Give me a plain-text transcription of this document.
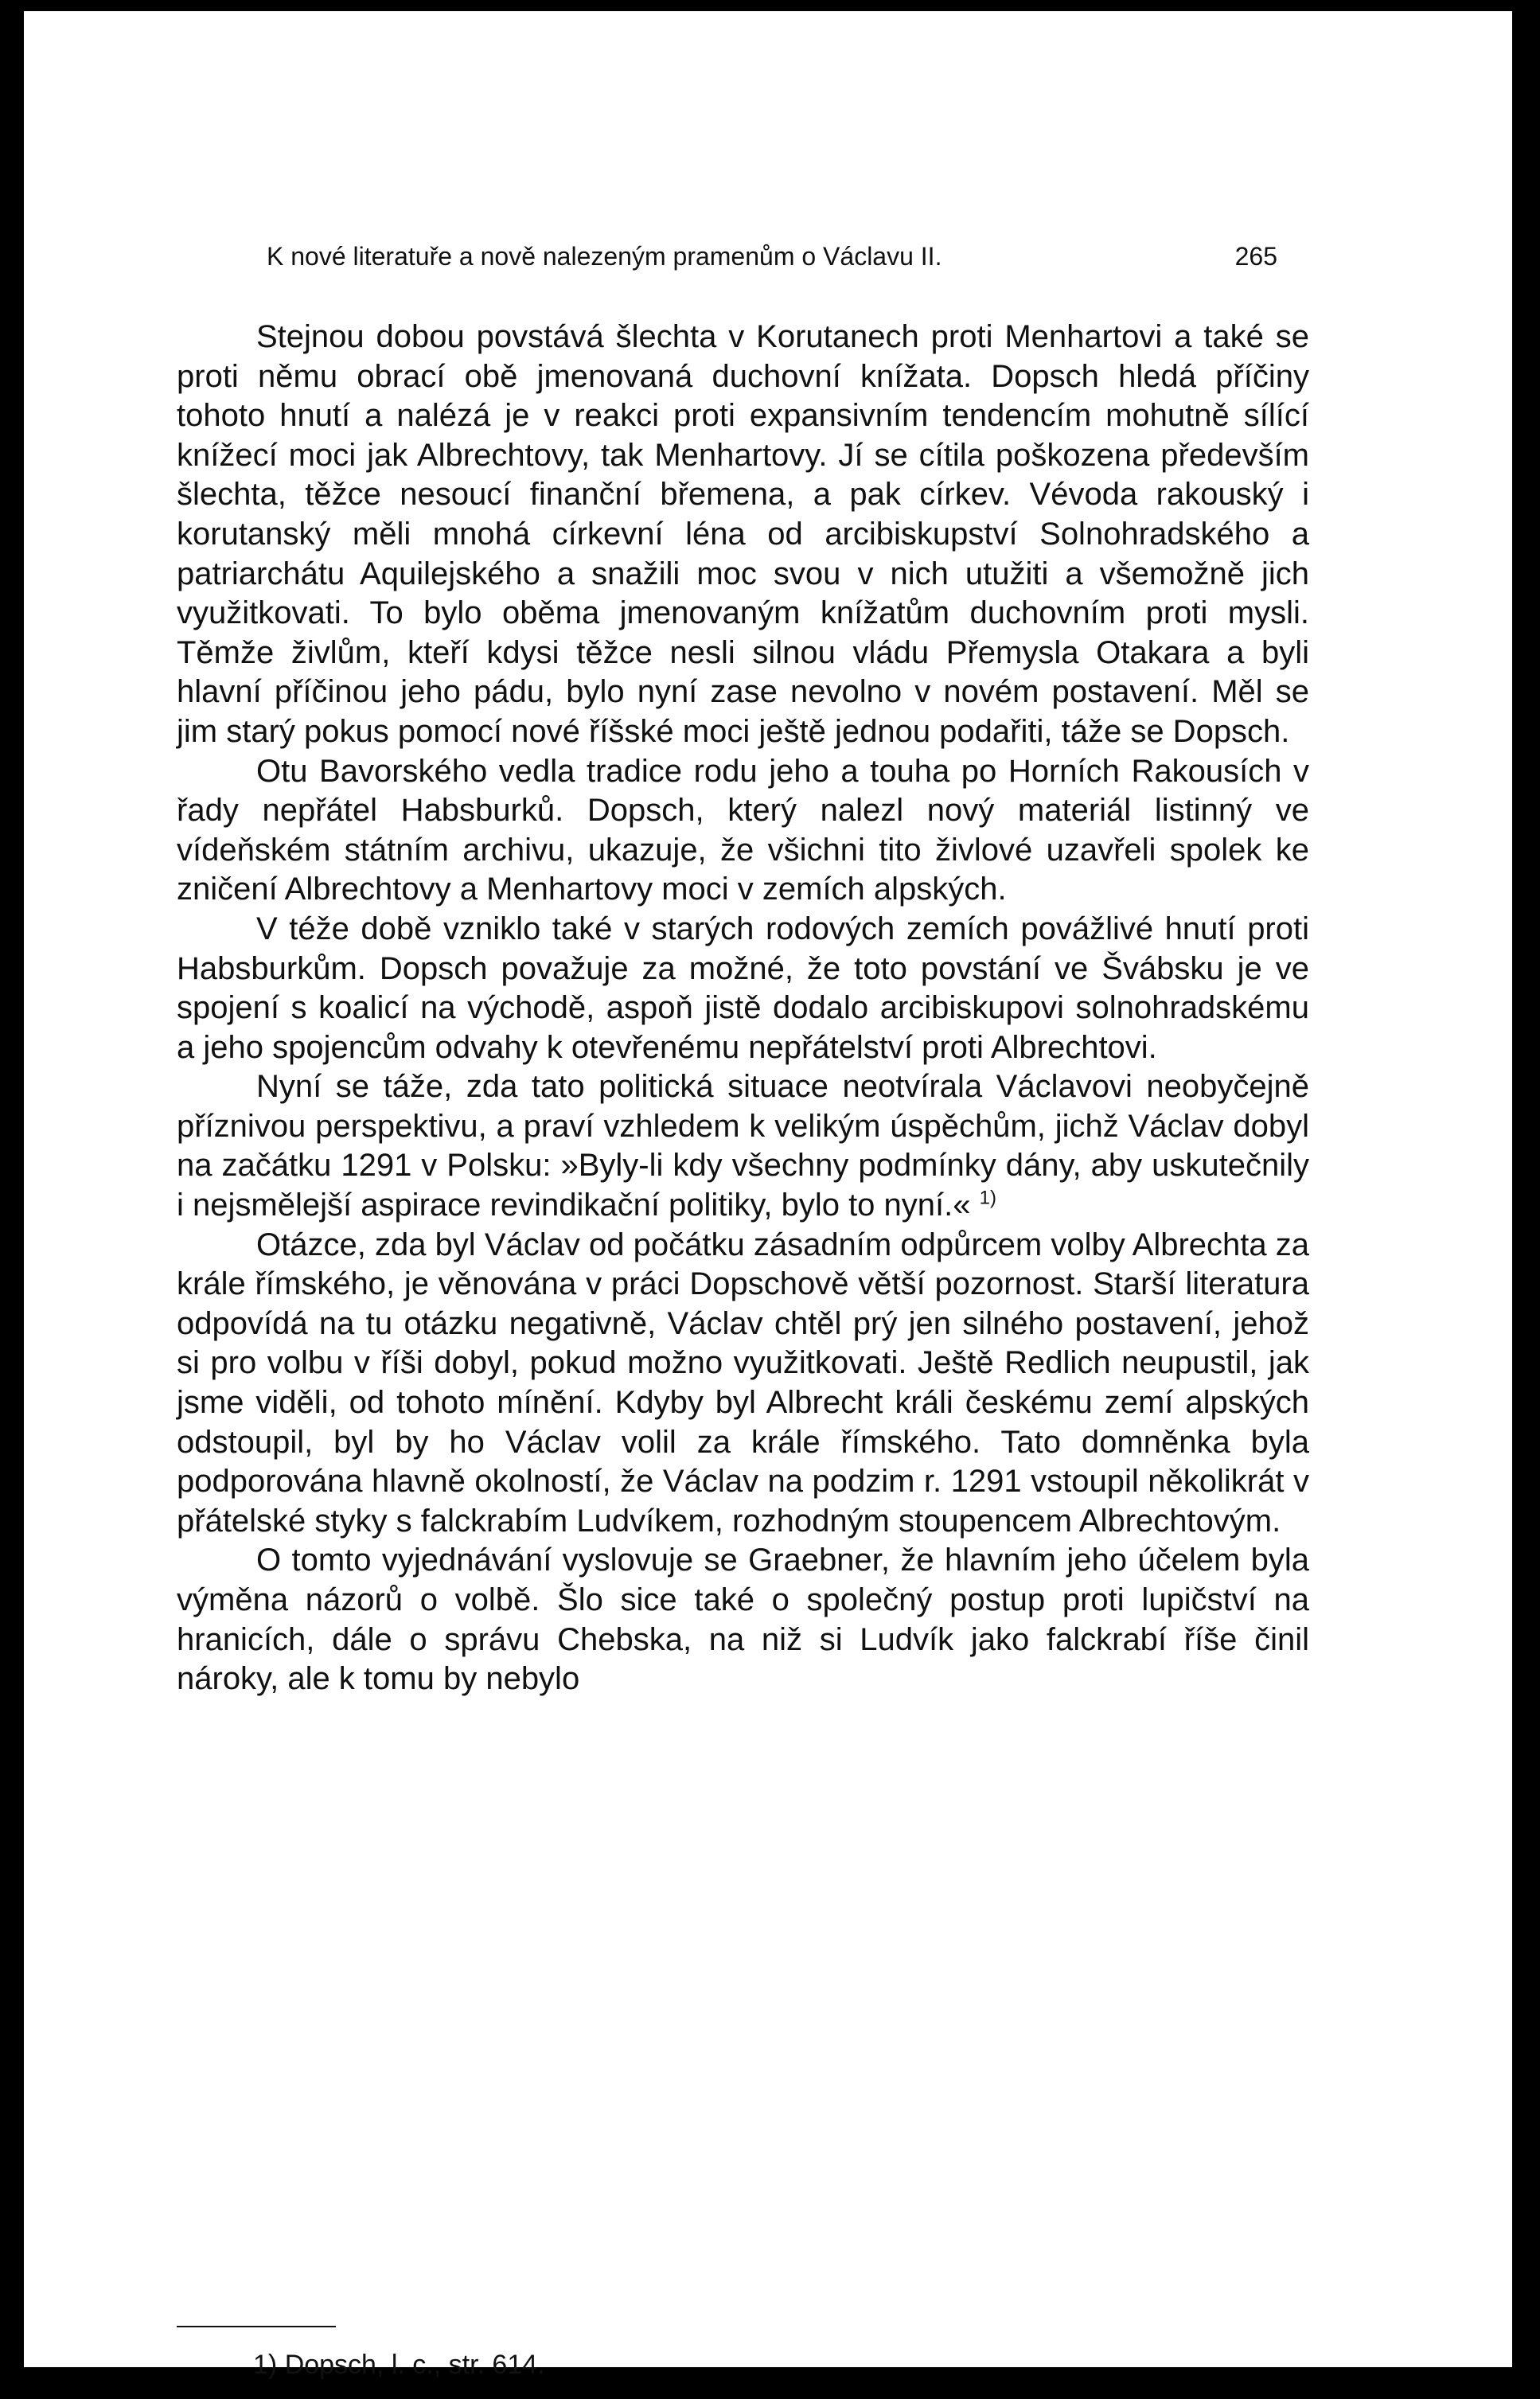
K nové literatuře a nově nalezeným pramenům o Václavu II.	265

Stejnou dobou povstává šlechta v Korutanech proti Menhartovi a také se proti němu obrací obě jmenovaná duchovní knížata. Dopsch hledá příčiny tohoto hnutí a nalézá je v reakci proti expansivním tendencím mohutně sílící knížecí moci jak Albrechtovy, tak Menhartovy. Jí se cítila poškozena především šlechta, těžce nesoucí finanční břemena, a pak církev. Vévoda rakouský i korutanský měli mnohá církevní léna od arcibiskupství Solnohradského a patriarchátu Aquilejského a snažili moc svou v nich utužiti a všemožně jich využitkovati. To bylo oběma jmenovaným knížatům duchovním proti mysli. Těmže živlům, kteří kdysi těžce nesli silnou vládu Přemysla Otakara a byli hlavní příčinou jeho pádu, bylo nyní zase nevolno v novém postavení. Měl se jim starý pokus pomocí nové říšské moci ještě jednou podařiti, táže se Dopsch.

Otu Bavorského vedla tradice rodu jeho a touha po Horních Rakousích v řady nepřátel Habsburků. Dopsch, který nalezl nový materiál listinný ve vídeňském státním archivu, ukazuje, že všichni tito živlové uzavřeli spolek ke zničení Albrechtovy a Menhartovy moci v zemích alpských.

V téže době vzniklo také v starých rodových zemích povážlivé hnutí proti Habsburkům. Dopsch považuje za možné, že toto povstání ve Švábsku je ve spojení s koalicí na východě, aspoň jistě dodalo arcibiskupovi solnohradskému a jeho spojencům odvahy k otevřenému nepřátelství proti Albrechtovi.

Nyní se táže, zda tato politická situace neotvírala Václavovi neobyčejně příznivou perspektivu, a praví vzhledem k velikým úspěchům, jichž Václav dobyl na začátku 1291 v Polsku: »Byly-li kdy všechny podmínky dány, aby uskutečnily i nejsmělejší aspirace revindikační politiky, bylo to nyní.« $^{1)}$

Otázce, zda byl Václav od počátku zásadním odpůrcem volby Albrechta za krále římského, je věnována v práci Dopschově větší pozornost. Starší literatura odpovídá na tu otázku negativně, Václav chtěl prý jen silného postavení, jehož si pro volbu v říši dobyl, pokud možno využitkovati. Ještě Redlich neupustil, jak jsme viděli, od tohoto mínění. Kdyby byl Albrecht králi českému zemí alpských odstoupil, byl by ho Václav volil za krále římského. Tato domněnka byla podporována hlavně okolností, že Václav na podzim r. 1291 vstoupil několikrát v přátelské styky s falckrabím Ludvíkem, rozhodným stoupencem Albrechtovým.

O tomto vyjednávání vyslovuje se Graebner, že hlavním jeho účelem byla výměna názorů o volbě. Šlo sice také o společný postup proti lupičství na hranicích, dále o správu Chebska, na niž si Ludvík jako falckrabí říše činil nároky, ale k tomu by nebylo

1) Dopsch, l. c., str. 614.
